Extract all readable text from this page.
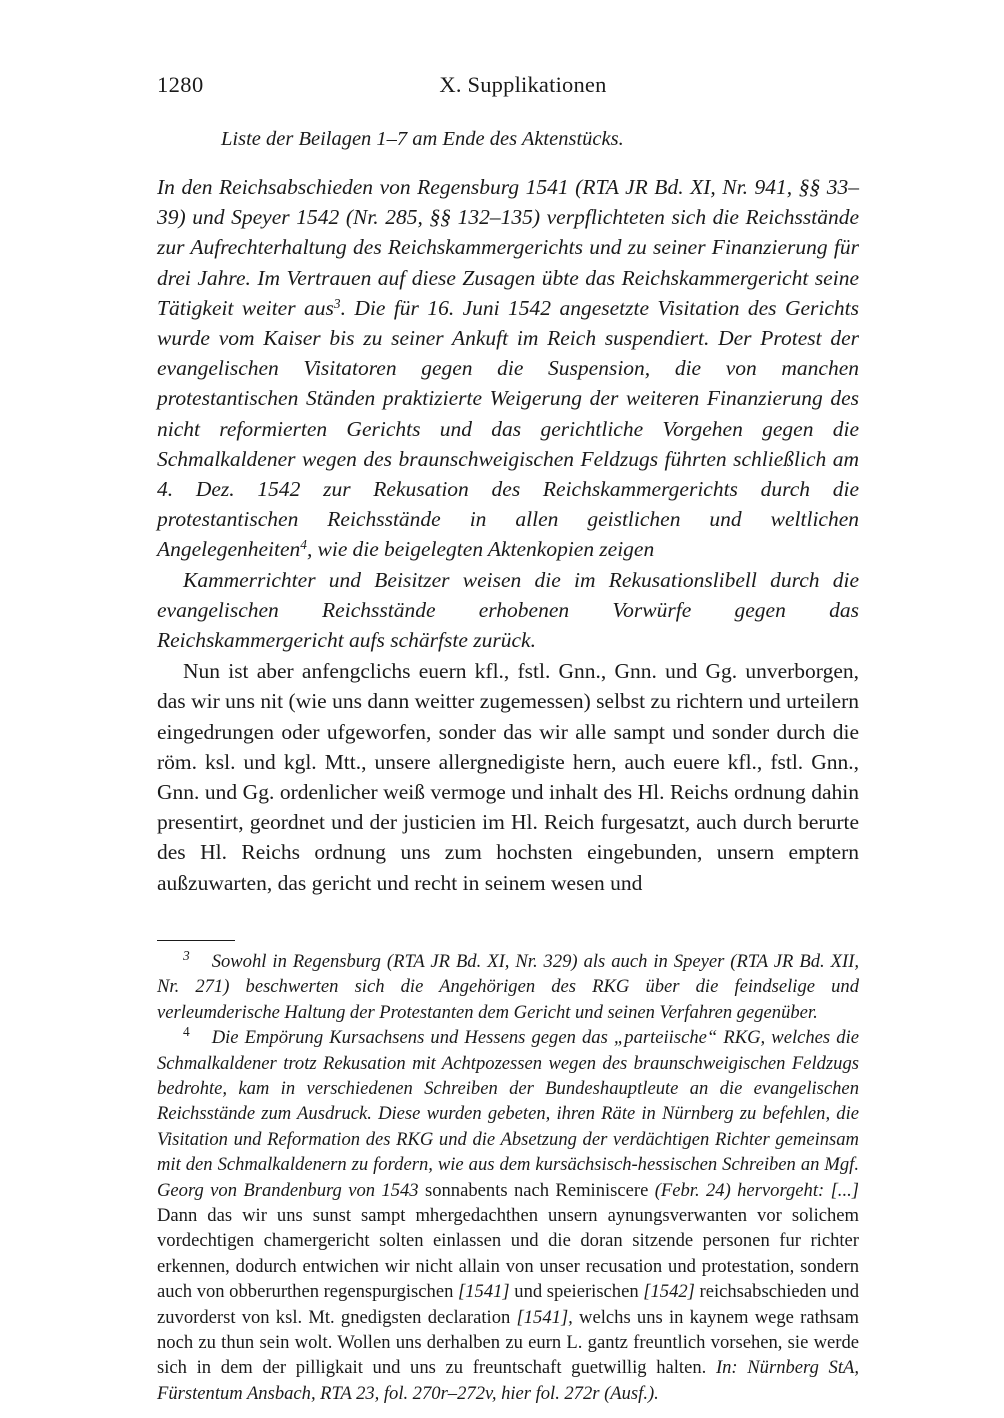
1280	X. Supplikationen

Liste der Beilagen 1–7 am Ende des Aktenstücks.

In den Reichsabschieden von Regensburg 1541 (RTA JR Bd. XI, Nr. 941, §§ 33–39) und Speyer 1542 (Nr. 285, §§ 132–135) verpflichteten sich die Reichsstände zur Aufrechterhaltung des Reichskammergerichts und zu seiner Finanzierung für drei Jahre. Im Vertrauen auf diese Zusagen übte das Reichskammergericht seine Tätigkeit weiter aus$^3$. Die für 16. Juni 1542 angesetzte Visitation des Gerichts wurde vom Kaiser bis zu seiner Ankuft im Reich suspendiert. Der Protest der evangelischen Visitatoren gegen die Suspension, die von manchen protestantischen Ständen praktizierte Weigerung der weiteren Finanzierung des nicht reformierten Gerichts und das gerichtliche Vorgehen gegen die Schmalkaldener wegen des braunschweigischen Feldzugs führten schließlich am 4. Dez. 1542 zur Rekusation des Reichskammergerichts durch die protestantischen Reichsstände in allen geistlichen und weltlichen Angelegenheiten$^4$, wie die beigelegten Aktenkopien zeigen

Kammerrichter und Beisitzer weisen die im Rekusationslibell durch die evangelischen Reichsstände erhobenen Vorwürfe gegen das Reichskammergericht aufs schärfste zurück.

Nun ist aber anfengclichs euern kfl., fstl. Gnn., Gnn. und Gg. unverborgen, das wir uns nit (wie uns dann weitter zugemessen) selbst zu richtern und urteilern eingedrungen oder ufgeworfen, sonder das wir alle sampt und sonder durch die röm. ksl. und kgl. Mtt., unsere allergnedigiste hern, auch euere kfl., fstl. Gnn., Gnn. und Gg. ordenlicher weiß vermoge und inhalt des Hl. Reichs ordnung dahin presentirt, geordnet und der justicien im Hl. Reich furgesatzt, auch durch berurte des Hl. Reichs ordnung uns zum hochsten eingebunden, unsern emptern außzuwarten, das gericht und recht in seinem wesen und

$^3$ Sowohl in Regensburg (RTA JR Bd. XI, Nr. 329) als auch in Speyer (RTA JR Bd. XII, Nr. 271) beschwerten sich die Angehörigen des RKG über die feindselige und verleumderische Haltung der Protestanten dem Gericht und seinen Verfahren gegenüber.

$^4$ Die Empörung Kursachsens und Hessens gegen das „parteiische“ RKG, welches die Schmalkaldener trotz Rekusation mit Achtpozessen wegen des braunschweigischen Feldzugs bedrohte, kam in verschiedenen Schreiben der Bundeshauptleute an die evangelischen Reichsstände zum Ausdruck. Diese wurden gebeten, ihren Räte in Nürnberg zu befehlen, die Visitation und Reformation des RKG und die Absetzung der verdächtigen Richter gemeinsam mit den Schmalkaldenern zu fordern, wie aus dem kursächsisch-hessischen Schreiben an Mgf. Georg von Brandenburg von 1543 sonnabents nach Reminiscere (Febr. 24) hervorgeht: [...] Dann das wir uns sunst sampt mhergedachthen unsern aynungsverwanten vor solichem vordechtigen chamergericht solten einlassen und die doran sitzende personen fur richter erkennen, dodurch entwichen wir nicht allain von unser recusation und protestation, sondern auch von obberurthen regenspurgischen [1541] und speierischen [1542] reichsabschieden und zuvorderst von ksl. Mt. gnedigsten declaration [1541], welchs uns in kaynem wege rathsam noch zu thun sein wolt. Wollen uns derhalben zu eurn L. gantz freuntlich vorsehen, sie werde sich in dem der pilligkait und uns zu freuntschaft guetwillig halten. In: Nürnberg StA, Fürstentum Ansbach, RTA 23, fol. 270r–272v, hier fol. 272r (Ausf.).
